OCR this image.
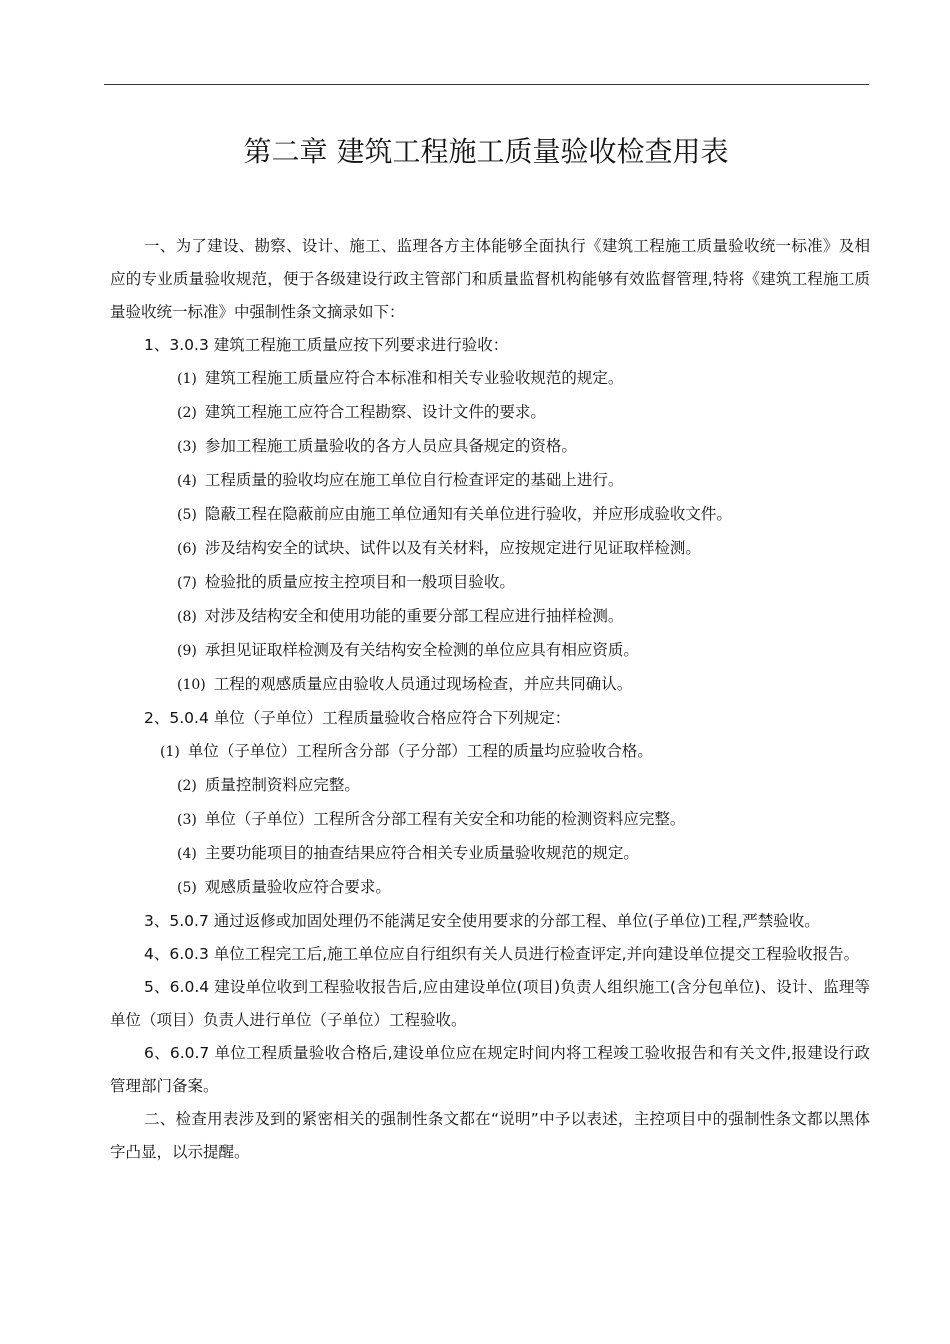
第二章 建筑工程施工质量验收检查用表

一、为了建设、勘察、设计、施工、监理各方主体能够全面执行《建筑工程施工质量验收统一标准》及相应的专业质量验收规范，便于各级建设行政主管部门和质量监督机构能够有效监督管理,特将《建筑工程施工质量验收统一标准》中强制性条文摘录如下：

1、3.0.3 建筑工程施工质量应按下列要求进行验收：

(1) 建筑工程施工质量应符合本标准和相关专业验收规范的规定。

(2) 建筑工程施工应符合工程勘察、设计文件的要求。

(3) 参加工程施工质量验收的各方人员应具备规定的资格。

(4) 工程质量的验收均应在施工单位自行检查评定的基础上进行。

(5) 隐蔽工程在隐蔽前应由施工单位通知有关单位进行验收，并应形成验收文件。

(6) 涉及结构安全的试块、试件以及有关材料，应按规定进行见证取样检测。

(7) 检验批的质量应按主控项目和一般项目验收。

(8) 对涉及结构安全和使用功能的重要分部工程应进行抽样检测。

(9) 承担见证取样检测及有关结构安全检测的单位应具有相应资质。

(10) 工程的观感质量应由验收人员通过现场检查，并应共同确认。

2、5.0.4 单位（子单位）工程质量验收合格应符合下列规定：

(1) 单位（子单位）工程所含分部（子分部）工程的质量均应验收合格。

(2) 质量控制资料应完整。

(3) 单位（子单位）工程所含分部工程有关安全和功能的检测资料应完整。

(4) 主要功能项目的抽查结果应符合相关专业质量验收规范的规定。

(5) 观感质量验收应符合要求。

3、5.0.7 通过返修或加固处理仍不能满足安全使用要求的分部工程、单位(子单位)工程,严禁验收。

4、6.0.3 单位工程完工后,施工单位应自行组织有关人员进行检查评定,并向建设单位提交工程验收报告。

5、6.0.4 建设单位收到工程验收报告后,应由建设单位(项目)负责人组织施工(含分包单位)、设计、监理等单位（项目）负责人进行单位（子单位）工程验收。

6、6.0.7 单位工程质量验收合格后,建设单位应在规定时间内将工程竣工验收报告和有关文件,报建设行政管理部门备案。

二、检查用表涉及到的紧密相关的强制性条文都在“说明”中予以表述，主控项目中的强制性条文都以黑体字凸显，以示提醒。
